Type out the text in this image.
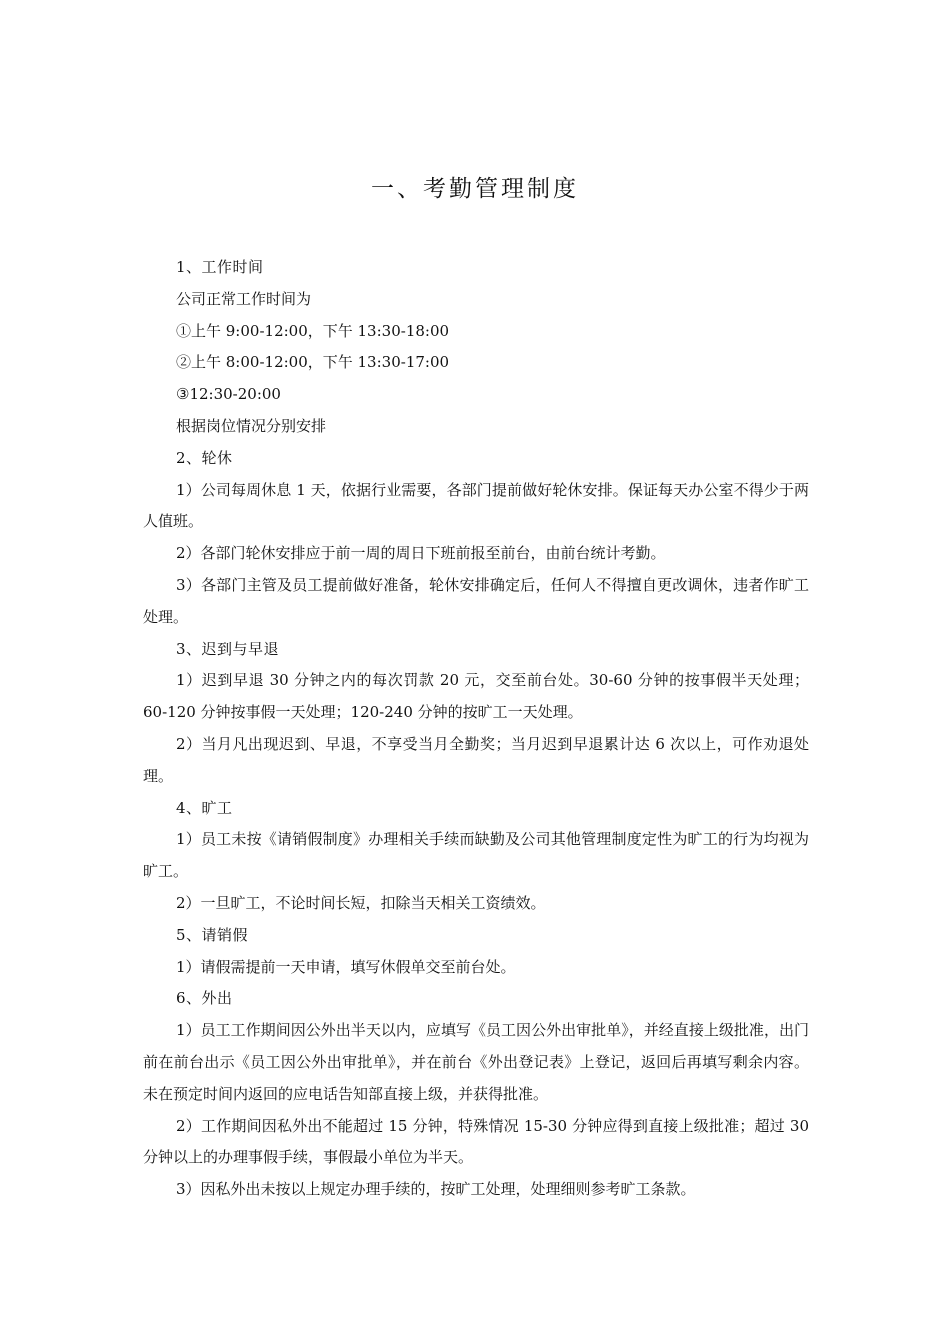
一、考勤管理制度

1、工作时间

公司正常工作时间为

①上午 9:00-12:00，下午 13:30-18:00

②上午 8:00-12:00，下午 13:30-17:00

③12:30-20:00

根据岗位情况分别安排

2、轮休

1）公司每周休息 1 天，依据行业需要，各部门提前做好轮休安排。保证每天办公室不得少于两人值班。

2）各部门轮休安排应于前一周的周日下班前报至前台，由前台统计考勤。

3）各部门主管及员工提前做好准备，轮休安排确定后，任何人不得擅自更改调休，违者作旷工处理。

3、迟到与早退

1）迟到早退 30 分钟之内的每次罚款 20 元，交至前台处。30-60 分钟的按事假半天处理；60-120 分钟按事假一天处理；120-240 分钟的按旷工一天处理。

2）当月凡出现迟到、早退，不享受当月全勤奖；当月迟到早退累计达 6 次以上，可作劝退处理。

4、旷工

1）员工未按《请销假制度》办理相关手续而缺勤及公司其他管理制度定性为旷工的行为均视为旷工。

2）一旦旷工，不论时间长短，扣除当天相关工资绩效。

5、请销假

1）请假需提前一天申请，填写休假单交至前台处。

6、外出

1）员工工作期间因公外出半天以内，应填写《员工因公外出审批单》，并经直接上级批准，出门前在前台出示《员工因公外出审批单》，并在前台《外出登记表》上登记，返回后再填写剩余内容。未在预定时间内返回的应电话告知部直接上级，并获得批准。

2）工作期间因私外出不能超过 15 分钟，特殊情况 15-30 分钟应得到直接上级批准；超过 30 分钟以上的办理事假手续，事假最小单位为半天。

3）因私外出未按以上规定办理手续的，按旷工处理，处理细则参考旷工条款。
